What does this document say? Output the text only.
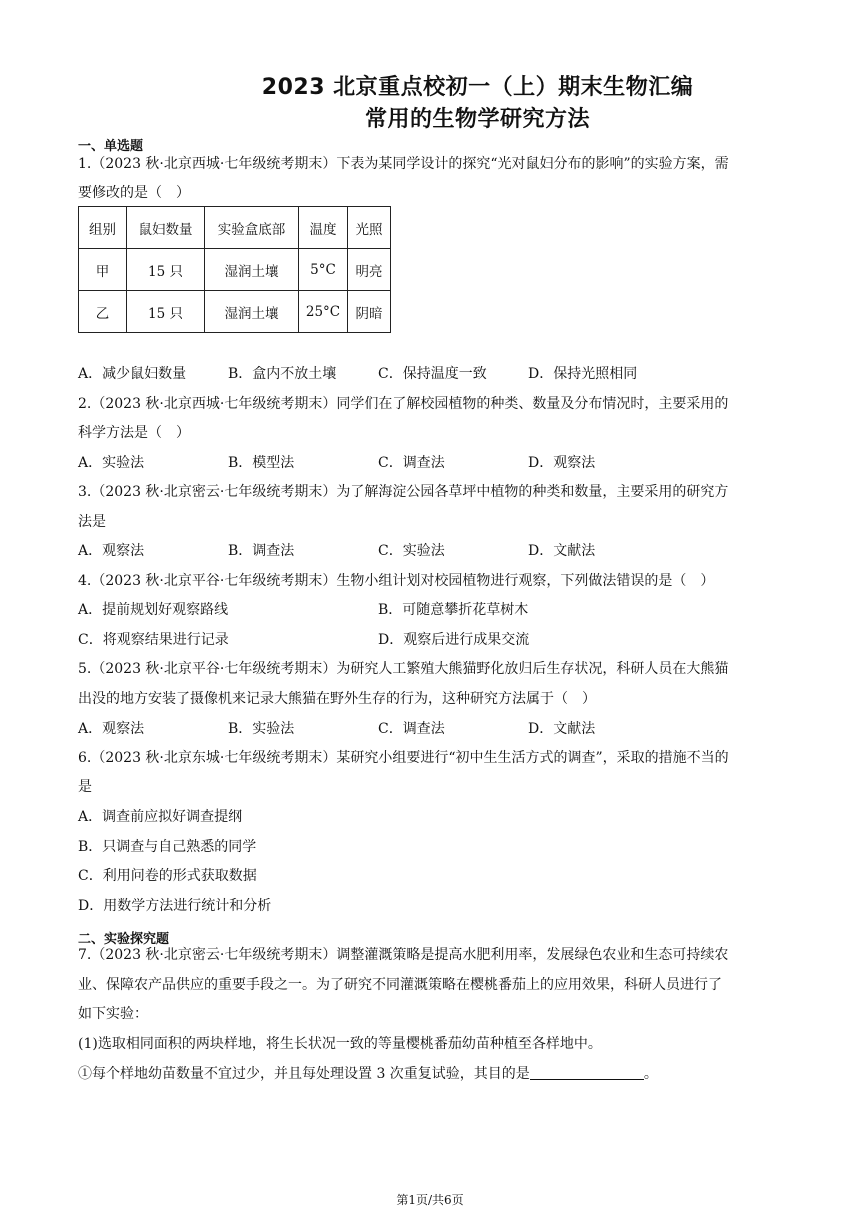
2023 北京重点校初一（上）期末生物汇编
常用的生物学研究方法
一、单选题
1.（2023 秋·北京西城·七年级统考期末）下表为某同学设计的探究“光对鼠妇分布的影响”的实验方案，需
要修改的是（　）
组别	鼠妇数量	实验盒底部	温度	光照
甲	15 只	湿润土壤	5°C	明亮
乙	15 只	湿润土壤	25°C	阴暗
A．减少鼠妇数量	B．盒内不放土壤	C．保持温度一致	D．保持光照相同
2.（2023 秋·北京西城·七年级统考期末）同学们在了解校园植物的种类、数量及分布情况时，主要采用的
科学方法是（　）
A．实验法	B．模型法	C．调查法	D．观察法
3.（2023 秋·北京密云·七年级统考期末）为了解海淀公园各草坪中植物的种类和数量，主要采用的研究方
法是
A．观察法	B．调查法	C．实验法	D．文献法
4.（2023 秋·北京平谷·七年级统考期末）生物小组计划对校园植物进行观察，下列做法错误的是（　）
A．提前规划好观察路线	B．可随意攀折花草树木
C．将观察结果进行记录	D．观察后进行成果交流
5.（2023 秋·北京平谷·七年级统考期末）为研究人工繁殖大熊猫野化放归后生存状况，科研人员在大熊猫
出没的地方安装了摄像机来记录大熊猫在野外生存的行为，这种研究方法属于（　）
A．观察法	B．实验法	C．调查法	D．文献法
6.（2023 秋·北京东城·七年级统考期末）某研究小组要进行“初中生生活方式的调查”，采取的措施不当的
是
A．调查前应拟好调查提纲
B．只调查与自己熟悉的同学
C．利用问卷的形式获取数据
D．用数学方法进行统计和分析
二、实验探究题
7.（2023 秋·北京密云·七年级统考期末）调整灌溉策略是提高水肥利用率，发展绿色农业和生态可持续农
业、保障农产品供应的重要手段之一。为了研究不同灌溉策略在樱桃番茄上的应用效果，科研人员进行了
如下实验：
(1)选取相同面积的两块样地，将生长状况一致的等量樱桃番茄幼苗种植至各样地中。
①每个样地幼苗数量不宜过少，并且每处理设置 3 次重复试验，其目的是	。
第1页/共6页
